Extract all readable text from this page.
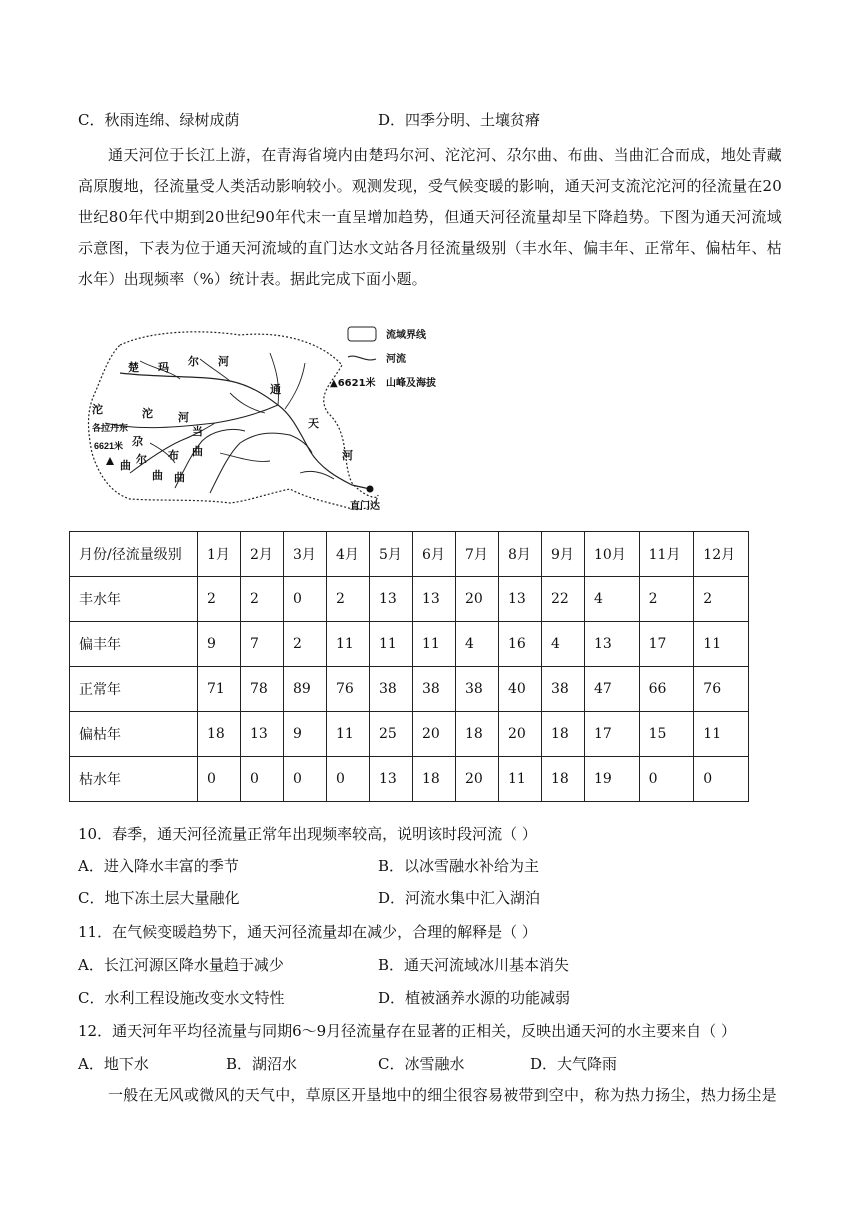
C．秋雨连绵、绿树成荫	D．四季分明、土壤贫瘠
通天河位于长江上游，在青海省境内由楚玛尔河、沱沱河、尕尔曲、布曲、当曲汇合而成，地处青藏高原腹地，径流量受人类活动影响较小。观测发现，受气候变暖的影响，通天河支流沱沱河的径流量在20世纪80年代中期到20世纪90年代末一直呈增加趋势，但通天河径流量却呈下降趋势。下图为通天河流域示意图，下表为位于通天河流域的直门达水文站各月径流量级别（丰水年、偏丰年、正常年、偏枯年、枯水年）出现频率（%）统计表。据此完成下面小题。
楚 玛 尔 河
沱	沱 河
通
天
河
各拉丹东
6621米 尕
尔
曲
布
曲
当
曲
曲
直门达
流域界线
河流
▲6621米 山峰及海拔
月份/径流量级别	1月	2月	3月	4月	5月	6月	7月	8月	9月	10月	11月	12月
丰水年	2	2	0	2	13	13	20	13	22	4	2	2
偏丰年	9	7	2	11	11	11	4	16	4	13	17	11
正常年	71	78	89	76	38	38	38	40	38	47	66	76
偏枯年	18	13	9	11	25	20	18	20	18	17	15	11
枯水年	0	0	0	0	13	18	20	11	18	19	0	0
10．春季，通天河径流量正常年出现频率较高，说明该时段河流（ ）
A．进入降水丰富的季节	B．以冰雪融水补给为主
C．地下冻土层大量融化	D．河流水集中汇入湖泊
11．在气候变暖趋势下，通天河径流量却在减少，合理的解释是（ ）
A．长江河源区降水量趋于减少	B．通天河流域冰川基本消失
C．水利工程设施改变水文特性	D．植被涵养水源的功能减弱
12．通天河年平均径流量与同期6～9月径流量存在显著的正相关，反映出通天河的水主要来自（ ）
A．地下水	B．湖沼水	C．冰雪融水	D．大气降雨
一般在无风或微风的天气中，草原区开垦地中的细尘很容易被带到空中，称为热力扬尘，热力扬尘是
